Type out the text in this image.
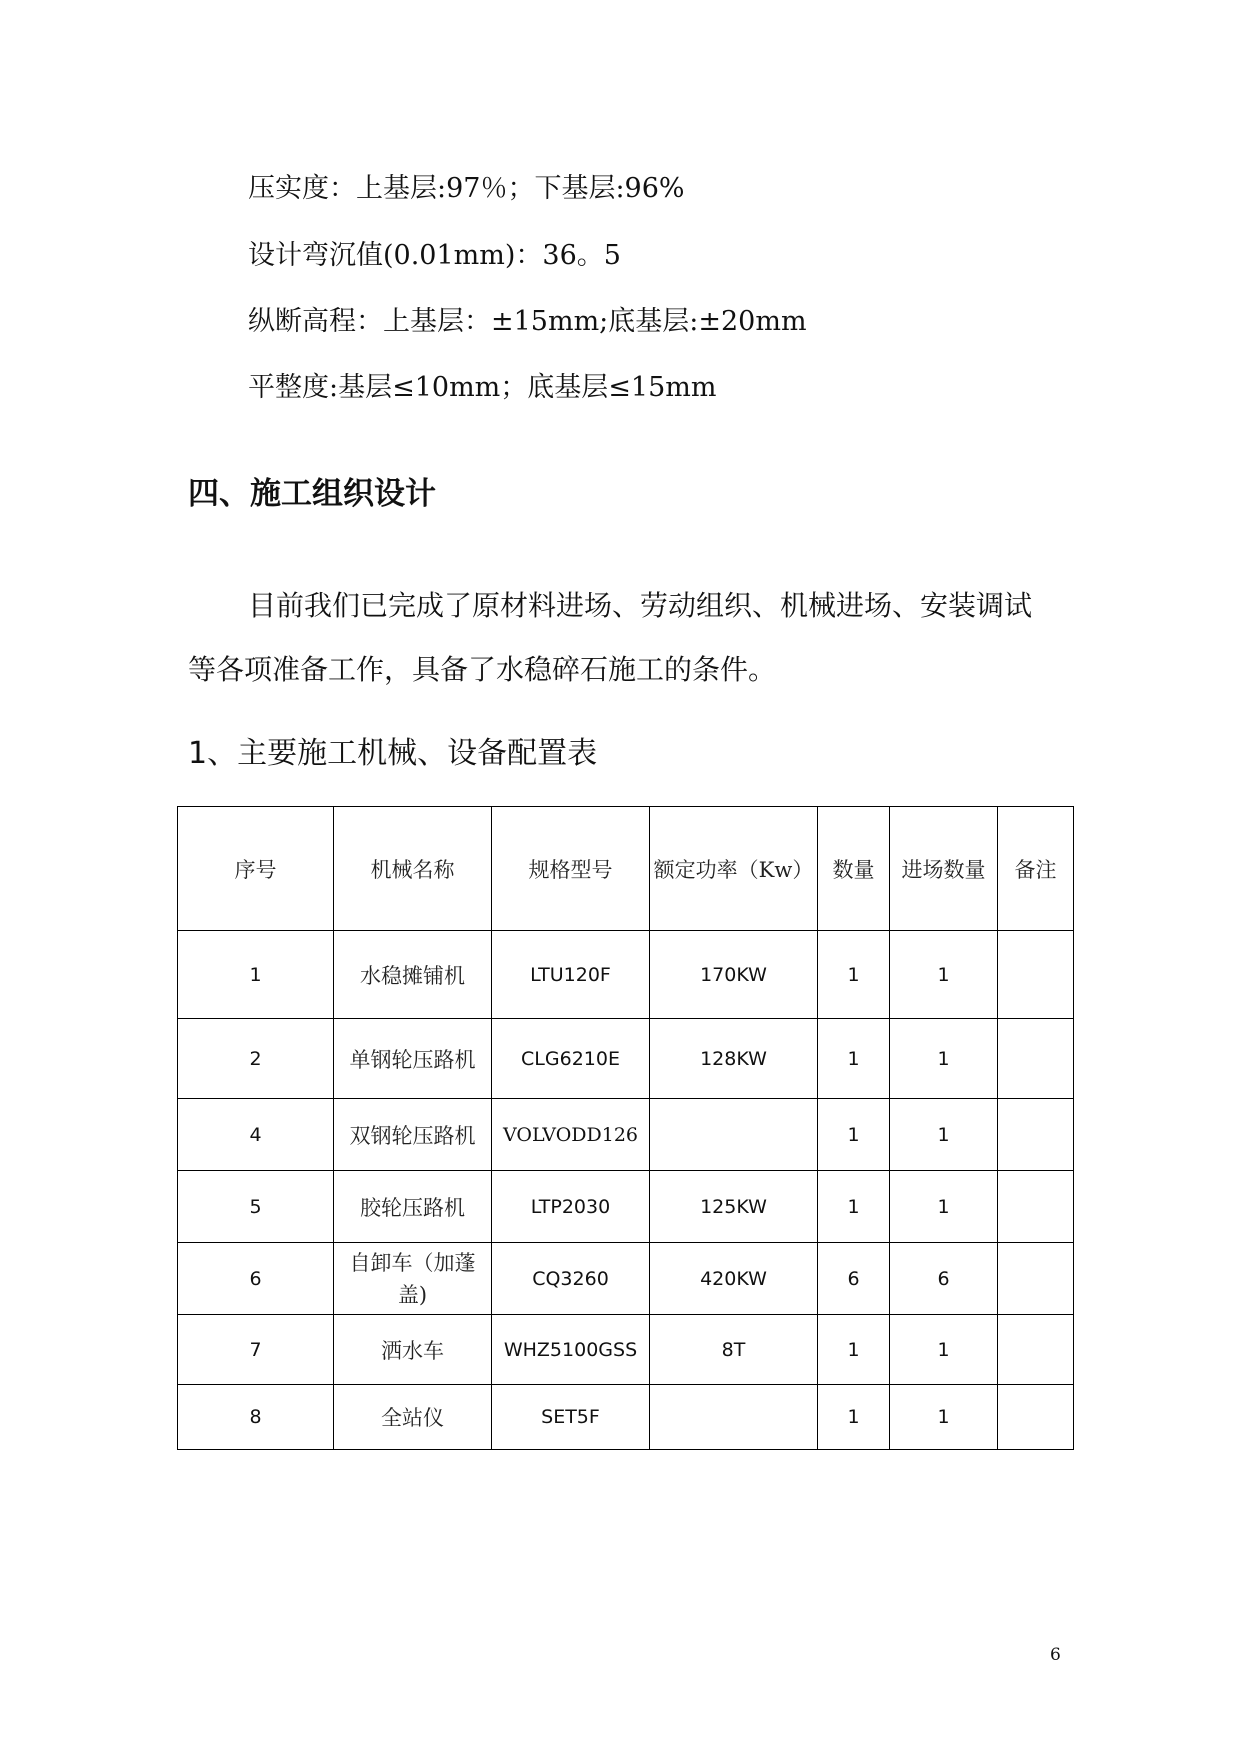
压实度：上基层:97％；下基层:96%
设计弯沉值(0.01mm)：36。5
纵断高程：上基层：±15mm;底基层:±20mm
平整度:基层≤10mm；底基层≤15mm
四、施工组织设计
目前我们已完成了原材料进场、劳动组织、机械进场、安装调试
等各项准备工作，具备了水稳碎石施工的条件。
1、主要施工机械、设备配置表
序号	机械名称	规格型号	额定功率（Kw）	数量	进场数量	备注
1	水稳摊铺机	LTU120F	170KW	1	1	
2	单钢轮压路机	CLG6210E	128KW	1	1	
4	双钢轮压路机	VOLVODD126		1	1	
5	胶轮压路机	LTP2030	125KW	1	1	
6	自卸车（加蓬盖)	CQ3260	420KW	6	6	
7	洒水车	WHZ5100GSS	8T	1	1	
8	全站仪	SET5F		1	1	
6
